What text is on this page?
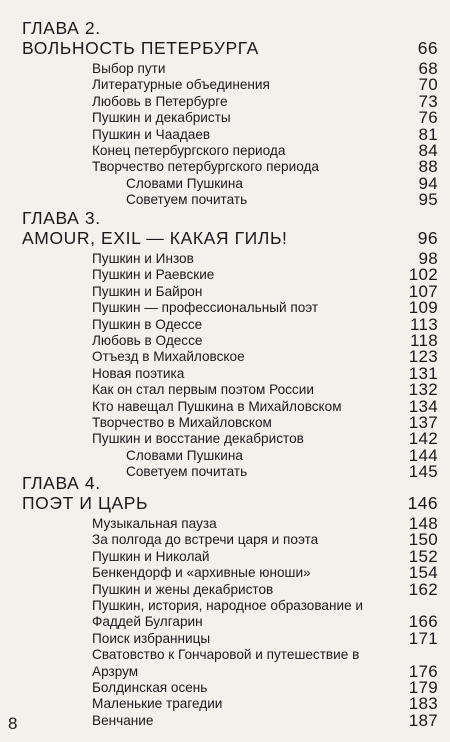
ГЛАВА 2.
ВОЛЬНОСТЬ ПЕТЕРБУРГА	66
Выбор пути	68
Литературные объединения	70
Любовь в Петербурге	73
Пушкин и декабристы	76
Пушкин и Чаадаев	81
Конец петербургского периода	84
Творчество петербургского периода	88
Словами Пушкина	94
Советуем почитать	95
ГЛАВА 3.
AMOUR, EXIL — КАКАЯ ГИЛЬ!	96
Пушкин и Инзов	98
Пушкин и Раевские	102
Пушкин и Байрон	107
Пушкин — профессиональный поэт	109
Пушкин в Одессе	113
Любовь в Одессе	118
Отъезд в Михайловское	123
Новая поэтика	131
Как он стал первым поэтом России	132
Кто навещал Пушкина в Михайловском	134
Творчество в Михайловском	137
Пушкин и восстание декабристов	142
Словами Пушкина	144
Советуем почитать	145
ГЛАВА 4.
ПОЭТ И ЦАРЬ	146
Музыкальная пауза	148
За полгода до встречи царя и поэта	150
Пушкин и Николай	152
Бенкендорф и «архивные юноши»	154
Пушкин и жены декабристов	162
Пушкин, история, народное образование и Фаддей Булгарин	166
Поиск избранницы	171
Сватовство к Гончаровой и путешествие в Арзрум	176
Болдинская осень	179
Маленькие трагедии	183
Венчание	187
8
